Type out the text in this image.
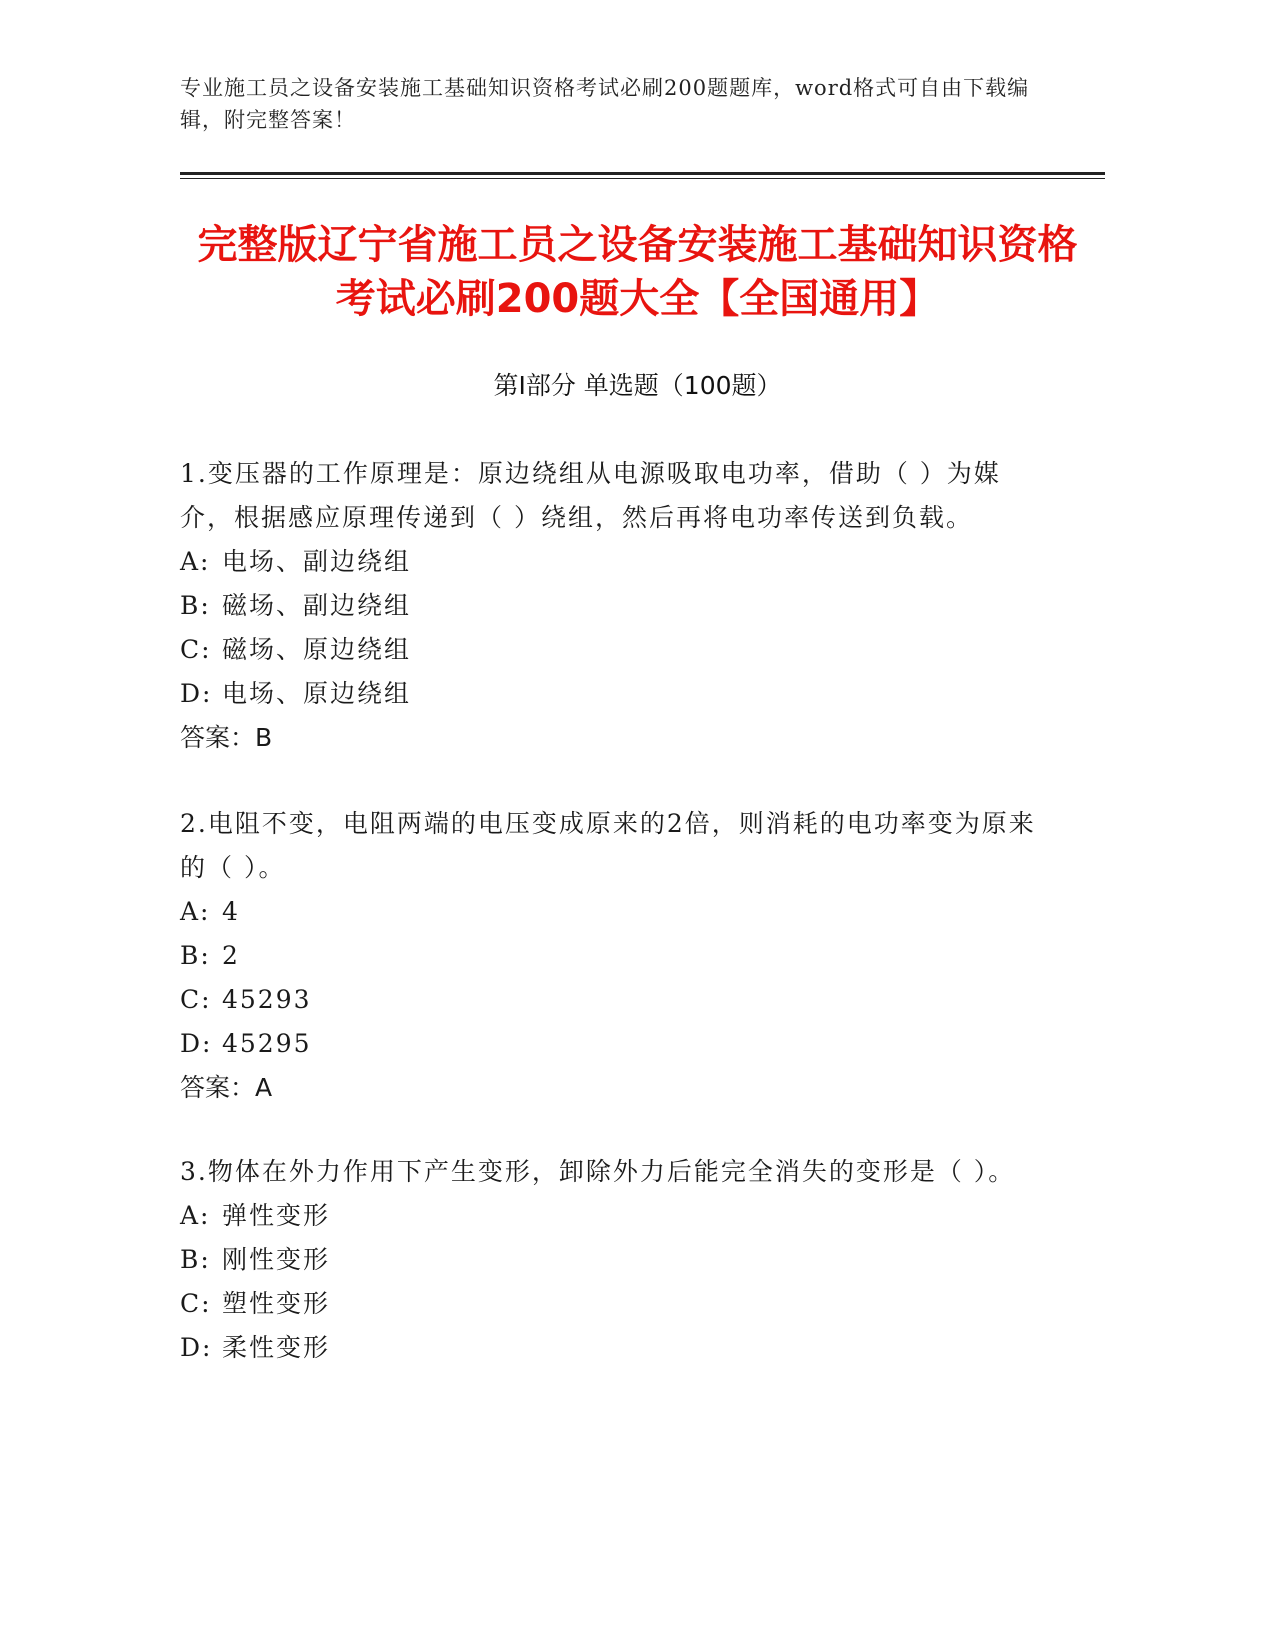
专业施工员之设备安装施工基础知识资格考试必刷200题题库，word格式可自由下载编辑，附完整答案！
完整版辽宁省施工员之设备安装施工基础知识资格考试必刷200题大全【全国通用】
第I部分 单选题（100题）

1.变压器的工作原理是：原边绕组从电源吸取电功率，借助（ ）为媒介，根据感应原理传递到（ ）绕组，然后再将电功率传送到负载。

A: 电场、副边绕组

B: 磁场、副边绕组

C: 磁场、原边绕组

D: 电场、原边绕组

答案：B

2.电阻不变，电阻两端的电压变成原来的2倍，则消耗的电功率变为原来的（ ）。

A: 4

B: 2

C: 45293

D: 45295

答案：A

3.物体在外力作用下产生变形，卸除外力后能完全消失的变形是（ ）。

A: 弹性变形

B: 刚性变形

C: 塑性变形

D: 柔性变形
